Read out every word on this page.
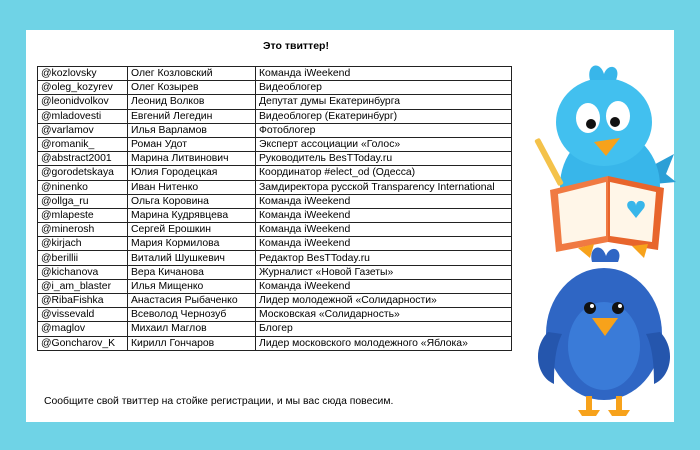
Это твиттер!
@kozlovsky	Олег Козловский	Команда iWeekend
@oleg_kozyrev	Олег Козырев	Видеоблогер
@leonidvolkov	Леонид Волков	Депутат думы Екатеринбурга
@mladovesti	Евгений Легедин	Видеоблогер (Екатеринбург)
@varlamov	Илья Варламов	Фотоблогер
@romanik_	Роман Удот	Эксперт ассоциации «Голос»
@abstract2001	Марина Литвинович	Руководитель BesTToday.ru
@gorodetskaya	Юлия Городецкая	Координатор #elect_od (Одесса)
@ninenko	Иван Нитенко	Замдиректора русской Transparency International
@ollga_ru	Ольга Коровина	Команда iWeekend
@mlapeste	Марина Кудрявцева	Команда iWeekend
@minerosh	Сергей Ерошкин	Команда iWeekend
@kirjach	Мария Кормилова	Команда iWeekend
@berillii	Виталий Шушкевич	Редактор BesTToday.ru
@kichanova	Вера Кичанова	Журналист «Новой Газеты»
@i_am_blaster	Илья Мищенко	Команда iWeekend
@RibaFishka	Анастасия Рыбаченко	Лидер молодежной «Солидарности»
@vissevald	Всеволод Чернозуб	Московская «Солидарность»
@maglov	Михаил Маглов	Блогер
@Goncharov_K	Кирилл Гончаров	Лидер московского молодежного «Яблока»
Сообщите свой твиттер на стойке регистрации, и мы вас сюда повесим.
